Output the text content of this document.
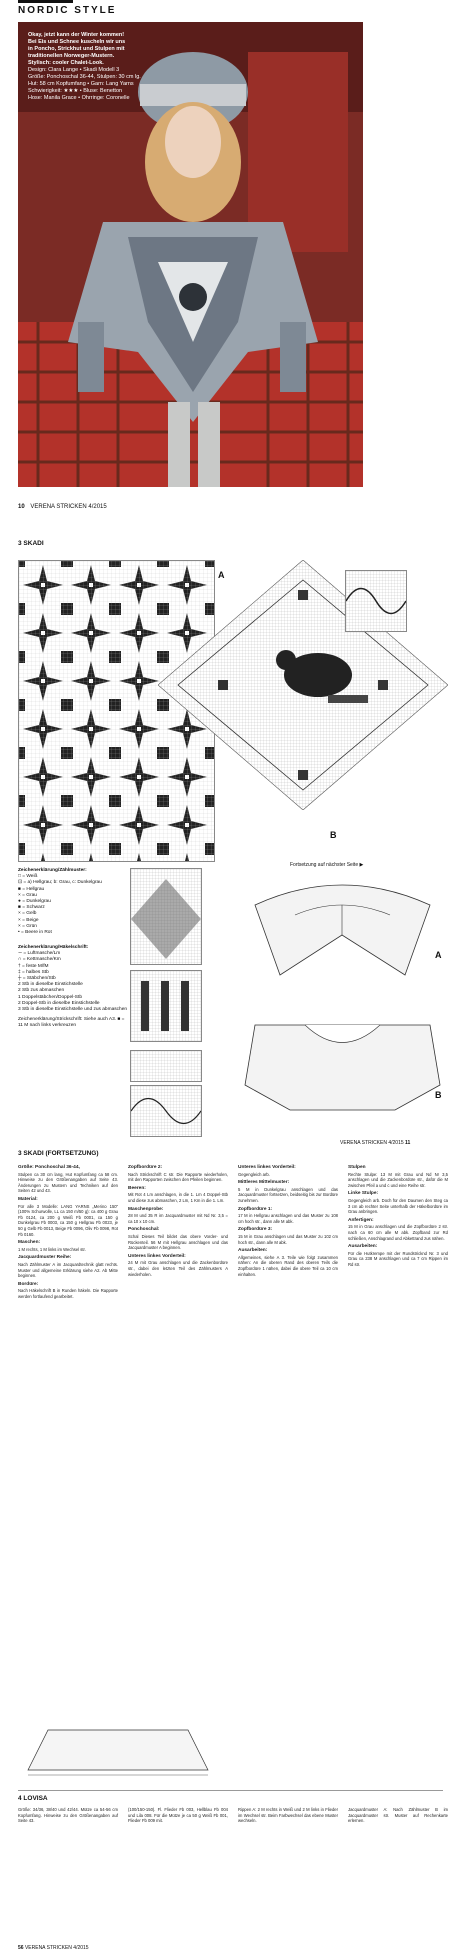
NORDIC STYLE
Okay, jetzt kann der Winter kommen!
Bei Eis und Schnee kuscheln wir uns
in Poncho, Strickhut und Stulpen mit
traditionellen Norweger-Mustern.
Stylisch: cooler Chalet-Look.
Design: Clara Lange • Skadi Modell 3
Größe: Ponchoschal 36-44, Stulpen: 30 cm lg.
Hut: 58 cm Kopfumfang • Garn: Lang Yarns
Schwierigkeit: ★★★ • Bluse: Benetton
Hose: Manila Grace • Ohrringe: Coronelle
10 VERENA STRICKEN 4/2015
3 SKADI
A
B
Zeichenerklärung/Zählmuster:
□ = Weiß
⊡ = a) Hellgrau; b: Grau, c: Dunkelgrau
■ = Hellgrau
× = Grau
● = Dunkelgrau
■ = Schwarz
× = Gelb
× = Beige
× = Grün
• = Beere in Rot
Zeichenerklärung/Häkelschrift:
∼ = Luftmasche/Lm
∩ = Kettmasche/Km
† = feste M/fM
‡ = halbes Stb
┼ = Stäbchen/Stb
2 Stb in dieselbe Einstichstelle
2 Stb zus abmaschen
1 Doppelstäbchen/Doppel-Stb
2 Doppel-Stb in dieselbe Einstichstelle
3 Stb in dieselbe Einstichstelle und zus abmaschen
Zeichenerklärung/Strickschrift: Siehe auch A3. ■ = 11 M nach links verkreuzen
Fortsetzung auf nächster Seite ▶
A
B
VERENA STRICKEN 4/2015 11
3 SKADI (FORTSETZUNG)
Größe: Ponchoschal 36-44,

Stulpen ca 30 cm lang, Hut Kopfumfang ca 58 cm. Hinweise zu den Größenangaben auf Seite 43. Änderungen zu Mustern und Techniken auf den Seiten 42 und 43.

Material:

Für alle 3 Modelle: LANG YARNS „Merino 150“ (100% Schurwolle, LL ca 150 m/50 g): ca 400 g Grau Fb 0124, ca 200 g Weiß Fb 0001, ca 150 g Dunkelgrau Fb 0003, ca 150 g Hellgrau Fb 0023, je 50 g Gelb Fb 0013, Beige Fb 0096, Oliv Fb 0098, Rot Fb 0160.

Maschen:

1 M rechts, 1 M links im Wechsel str.

Jacquardmuster Reihe:

Nach Zählmuster A im Jacquardtechnik glatt rechts. Muster und allgemeine Erklärung siehe A2. Ab Mitte beginnen.

Bordüre:

Nach Häkelschrift B in Runden häkeln. Die Rapporte werden fortlaufend gearbeitet.

Zopfbordüre 2:

Nach Strickschrift C str. Die Rapporte wiederholen, mit den Rapporten zwischen den Pfeilen beginnen.

Beeren:

Mit Rot 4 Lm anschlagen, in die 1. Lm 4 Doppel-Stb und diese zus abmaschen, 2 Lm, 1 Km in die 1. Lm.

Maschenprobe:

28 M und 35 R im Jacquardmuster mit Nd Nr. 3,5 = ca 10 x 10 cm.

Ponchoschal:

Schal Dieses Teil bildet das obere Vorder- und Rückenteil. 56 M mit Hellgrau anschlagen und das Jacquardmuster A beginnen.

Unteres linkes Vorderteil:

24 M mit Grau anschlagen und die Zackenbordüre str., dabei den letzten Teil des Zählmusters A wiederholen.

Unteres linkes Vorderteil:

Gegengleich arb.

Mittleres Mittelmuster:

5 M in Dunkelgrau anschlagen und das Jacquardmuster fortsetzen, beidseitig bis zur Bordüre zunehmen.

Zopfbordüre 1:

17 M in Hellgrau anschlagen und das Muster zu 108 cm hoch str., dann alle M abk.

Zopfbordüre 3:

15 M in Grau anschlagen und das Muster zu 102 cm hoch str., dann alle M abk.

Ausarbeiten:

Allgemeines, siehe A 3. Teile wie folgt zusammen nähen: An die oberen Rand des oberen Teils die Zopfbordüre 1 nähen, dabei die obere Teil ca 10 cm einhalten.

Stulpen

Rechte Stulpe: 13 M mit Grau und Nd Nr 3,5 anschlagen und die Zackenbordüre str., dafür die M zwischen Pfeil a und c und eine Reihe str.

Linke Stulpe:

Gegengleich arb. Doch für den Daumen den Steg ca 3 cm ab rechter Seite unterhalb der Häkelbordüre im Grau anbringen.

Anfertigen:

15 M in Grau anschlagen und die Zopfbordüre 2 str. nach ca 60 cm alle M abk. Zopfband zur Rd schließen, Anschlagrand und Abkettrand zus nähen.

Ausarbeiten:

Für die Hutkrempe mit der Rundstricknd Nr. 3 und Grau ca 238 M anschlagen und ca 7 cm Rippen im Rd str.

4 LOVISA

Größe: 34/36, 38/40 und 42/44. Mütze ca 54-56 cm Kopfumfang. Hinweise zu den Größenangaben auf Seite 43.

(100/150-150). Fl. Flieder Fb 003, Hellblau Fb 004 und Lila 008. Für die Mütze je ca 50 g Weiß Fb 001, Flieder Fb 009 mit.

Rippen A: 2 M rechts in Weiß und 2 M links in Flieder im Wechsel str. Beim Farbwechsel das ebene Muster wechseln.

Jacquardmuster A: Nach Zählmuster B im Jacquardmuster str. Muster auf Rechenkarte erlernen.

56 VERENA STRICKEN 4/2015
